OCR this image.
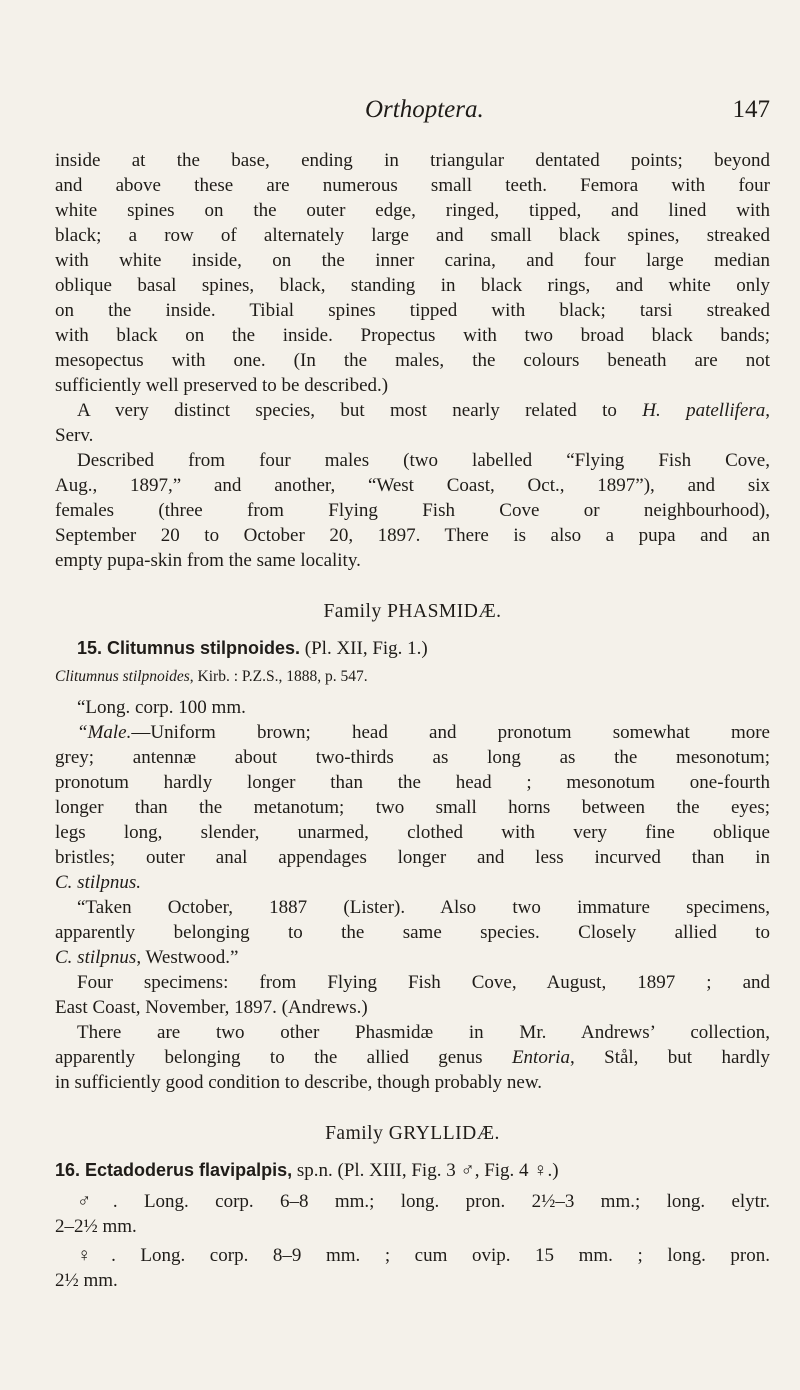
Orthoptera.	147
inside at the base, ending in triangular dentated points; beyond
and above these are numerous small teeth. Femora with four
white spines on the outer edge, ringed, tipped, and lined with
black; a row of alternately large and small black spines, streaked
with white inside, on the inner carina, and four large median
oblique basal spines, black, standing in black rings, and white only
on the inside. Tibial spines tipped with black; tarsi streaked
with black on the inside. Propectus with two broad black bands;
mesopectus with one. (In the males, the colours beneath are not
sufficiently well preserved to be described.)
A very distinct species, but most nearly related to H. patellifera,
Serv.
Described from four males (two labelled “Flying Fish Cove,
Aug., 1897,” and another, “West Coast, Oct., 1897”), and six
females (three from Flying Fish Cove or neighbourhood),
September 20 to October 20, 1897. There is also a pupa and an
empty pupa-skin from the same locality.
Family PHASMIDÆ.
15. Clitumnus stilpnoides. (Pl. XII, Fig. 1.)
Clitumnus stilpnoides, Kirb. : P.Z.S., 1888, p. 547.
“Long. corp. 100 mm.
“Male.—Uniform brown; head and pronotum somewhat more
grey; antennæ about two-thirds as long as the mesonotum;
pronotum hardly longer than the head ; mesonotum one-fourth
longer than the metanotum; two small horns between the eyes;
legs long, slender, unarmed, clothed with very fine oblique
bristles; outer anal appendages longer and less incurved than in
C. stilpnus.
“Taken October, 1887 (Lister). Also two immature specimens,
apparently belonging to the same species. Closely allied to
C. stilpnus, Westwood.”
Four specimens: from Flying Fish Cove, August, 1897 ; and
East Coast, November, 1897. (Andrews.)
There are two other Phasmidæ in Mr. Andrews’ collection,
apparently belonging to the allied genus Entoria, Stål, but hardly
in sufficiently good condition to describe, though probably new.
Family GRYLLIDÆ.
16. Ectadoderus flavipalpis, sp.n. (Pl. XIII, Fig. 3 ♂, Fig. 4 ♀.)
♂. Long. corp. 6–8 mm.; long. pron. 2½–3 mm.; long. elytr.
2–2½ mm.
♀. Long. corp. 8–9 mm. ; cum ovip. 15 mm. ; long. pron.
2½ mm.
